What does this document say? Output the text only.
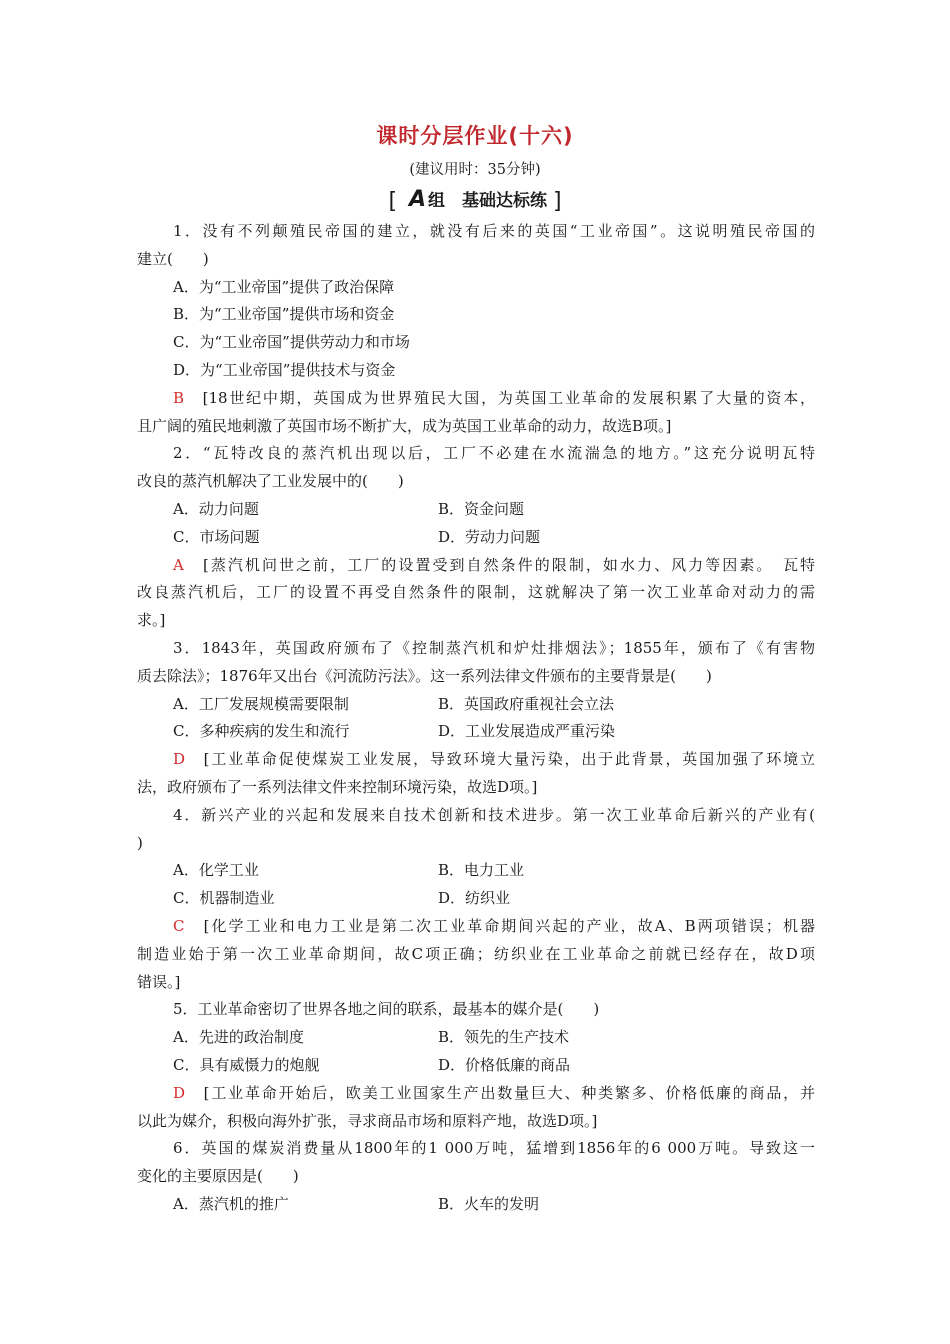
课时分层作业(十六)
(建议用时：35分钟)
[ A 组　基础达标练 ]
1．没有不列颠殖民帝国的建立，就没有后来的英国“工业帝国”。这说明殖民帝国的
建立(　　)
A．为“工业帝国”提供了政治保障
B．为“工业帝国”提供市场和资金
C．为“工业帝国”提供劳动力和市场
D．为“工业帝国”提供技术与资金
B　[18世纪中期，英国成为世界殖民大国，为英国工业革命的发展积累了大量的资本，
且广阔的殖民地刺激了英国市场不断扩大，成为英国工业革命的动力，故选B项。]
2．“瓦特改良的蒸汽机出现以后，工厂不必建在水流湍急的地方。”这充分说明瓦特
改良的蒸汽机解决了工业发展中的(　　)
A．动力问题	B．资金问题
C．市场问题	D．劳动力问题
A　[蒸汽机问世之前，工厂的设置受到自然条件的限制，如水力、风力等因素。　瓦特
改良蒸汽机后，工厂的设置不再受自然条件的限制，这就解决了第一次工业革命对动力的需
求。]
3．1843年，英国政府颁布了《控制蒸汽机和炉灶排烟法》；1855年，颁布了《有害物
质去除法》；1876年又出台《河流防污法》。这一系列法律文件颁布的主要背景是(　　)
A．工厂发展规模需要限制	B．英国政府重视社会立法
C．多种疾病的发生和流行	D．工业发展造成严重污染
D　[工业革命促使煤炭工业发展，导致环境大量污染，出于此背景，英国加强了环境立
法，政府颁布了一系列法律文件来控制环境污染，故选D项。]
4．新兴产业的兴起和发展来自技术创新和技术进步。第一次工业革命后新兴的产业有(
)
A．化学工业	B．电力工业
C．机器制造业	D．纺织业
C　[化学工业和电力工业是第二次工业革命期间兴起的产业，故A、B两项错误；机器
制造业始于第一次工业革命期间，故C项正确；纺织业在工业革命之前就已经存在，故D项
错误。]
5．工业革命密切了世界各地之间的联系，最基本的媒介是(　　)
A．先进的政治制度	B．领先的生产技术
C．具有威慑力的炮舰	D．价格低廉的商品
D　[工业革命开始后，欧美工业国家生产出数量巨大、种类繁多、价格低廉的商品，并
以此为媒介，积极向海外扩张，寻求商品市场和原料产地，故选D项。]
6．英国的煤炭消费量从1800年的1 000万吨，猛增到1856年的6 000万吨。导致这一
变化的主要原因是(　　)
A．蒸汽机的推广	B．火车的发明
